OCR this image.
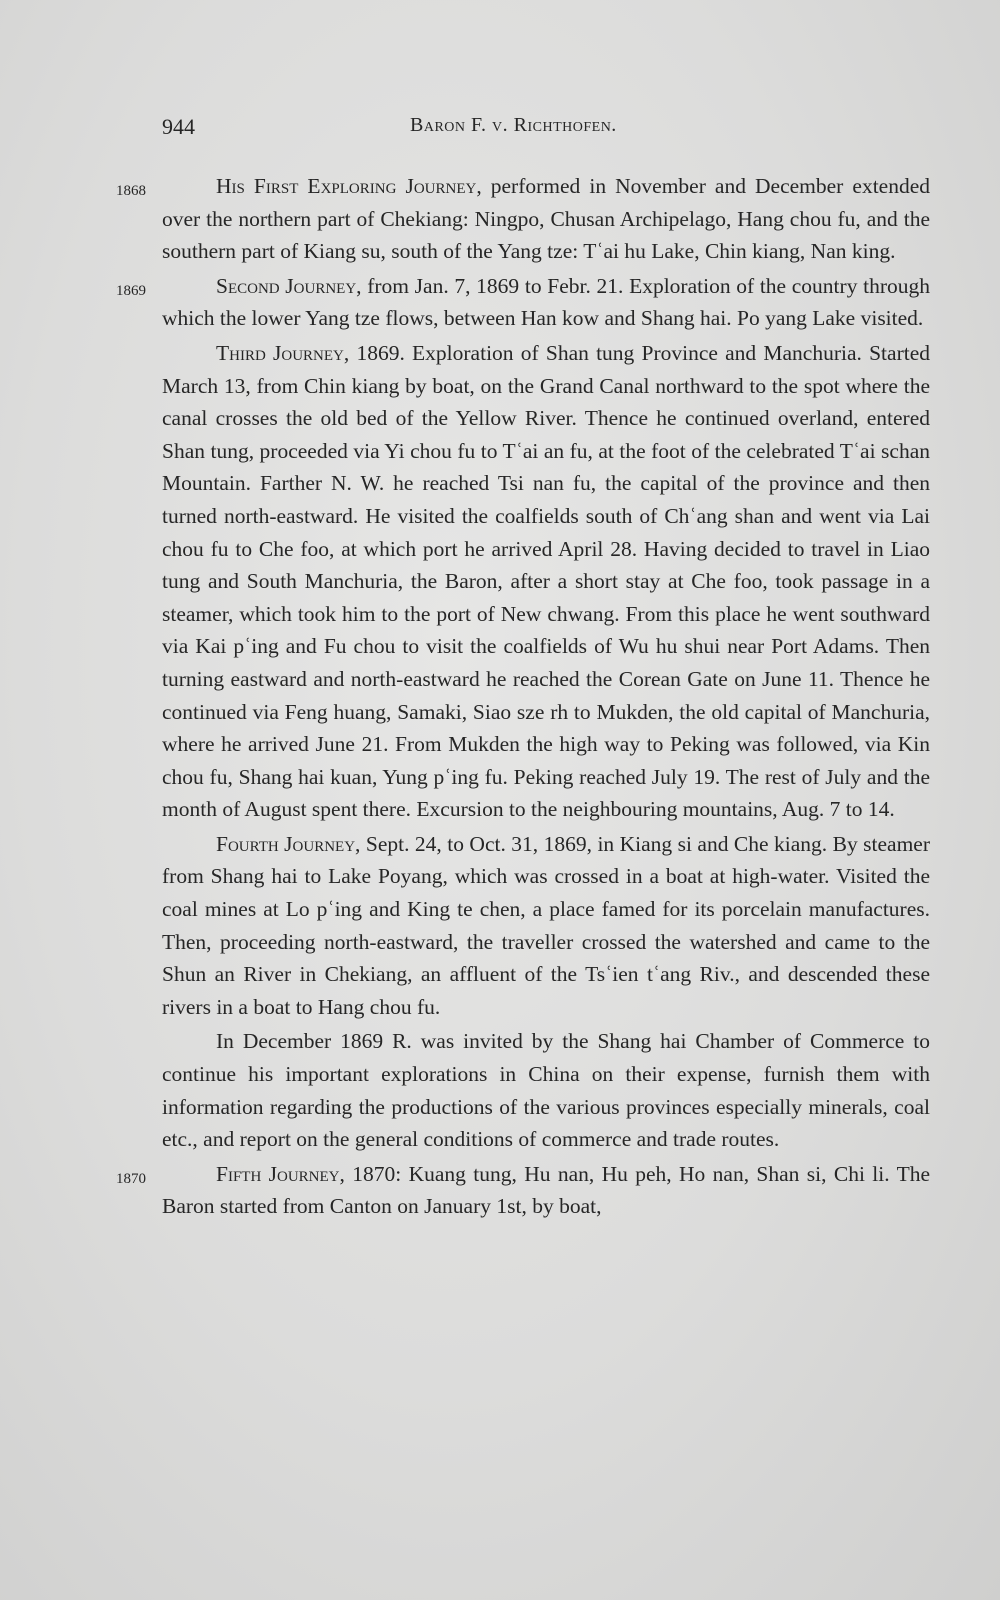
944	Baron F. v. Richthofen.

1868	His First Exploring Journey, performed in November and December extended over the northern part of Chekiang: Ningpo, Chusan Archipelago, Hang chou fu, and the southern part of Kiang su, south of the Yang tze: Tʿai hu Lake, Chin kiang, Nan king.

1869	Second Journey, from Jan. 7, 1869 to Febr. 21. Exploration of the country through which the lower Yang tze flows, between Han kow and Shang hai. Po yang Lake visited.

Third Journey, 1869. Exploration of Shan tung Province and Manchuria. Started March 13, from Chin kiang by boat, on the Grand Canal northward to the spot where the canal crosses the old bed of the Yellow River. Thence he continued overland, entered Shan tung, proceeded via Yi chou fu to Tʿai an fu, at the foot of the celebrated Tʿai schan Mountain. Farther N. W. he reached Tsi nan fu, the capital of the province and then turned north-eastward. He visited the coalfields south of Chʿang shan and went via Lai chou fu to Che foo, at which port he arrived April 28. Having decided to travel in Liao tung and South Manchuria, the Baron, after a short stay at Che foo, took passage in a steamer, which took him to the port of New chwang. From this place he went southward via Kai pʿing and Fu chou to visit the coalfields of Wu hu shui near Port Adams. Then turning eastward and north-eastward he reached the Corean Gate on June 11. Thence he continued via Feng huang, Samaki, Siao sze rh to Mukden, the old capital of Manchuria, where he arrived June 21. From Mukden the high way to Peking was followed, via Kin chou fu, Shang hai kuan, Yung pʿing fu. Peking reached July 19. The rest of July and the month of August spent there. Excursion to the neighbouring mountains, Aug. 7 to 14.

Fourth Journey, Sept. 24, to Oct. 31, 1869, in Kiang si and Che kiang. By steamer from Shang hai to Lake Poyang, which was crossed in a boat at high-water. Visited the coal mines at Lo pʿing and King te chen, a place famed for its porcelain manufactures. Then, proceeding north-eastward, the traveller crossed the watershed and came to the Shun an River in Chekiang, an affluent of the Tsʿien tʿang Riv., and descended these rivers in a boat to Hang chou fu.

In December 1869 R. was invited by the Shang hai Chamber of Commerce to continue his important explorations in China on their expense, furnish them with information regarding the productions of the various provinces especially minerals, coal etc., and report on the general conditions of commerce and trade routes.

1870	Fifth Journey, 1870: Kuang tung, Hu nan, Hu peh, Ho nan, Shan si, Chi li. The Baron started from Canton on January 1st, by boat,
